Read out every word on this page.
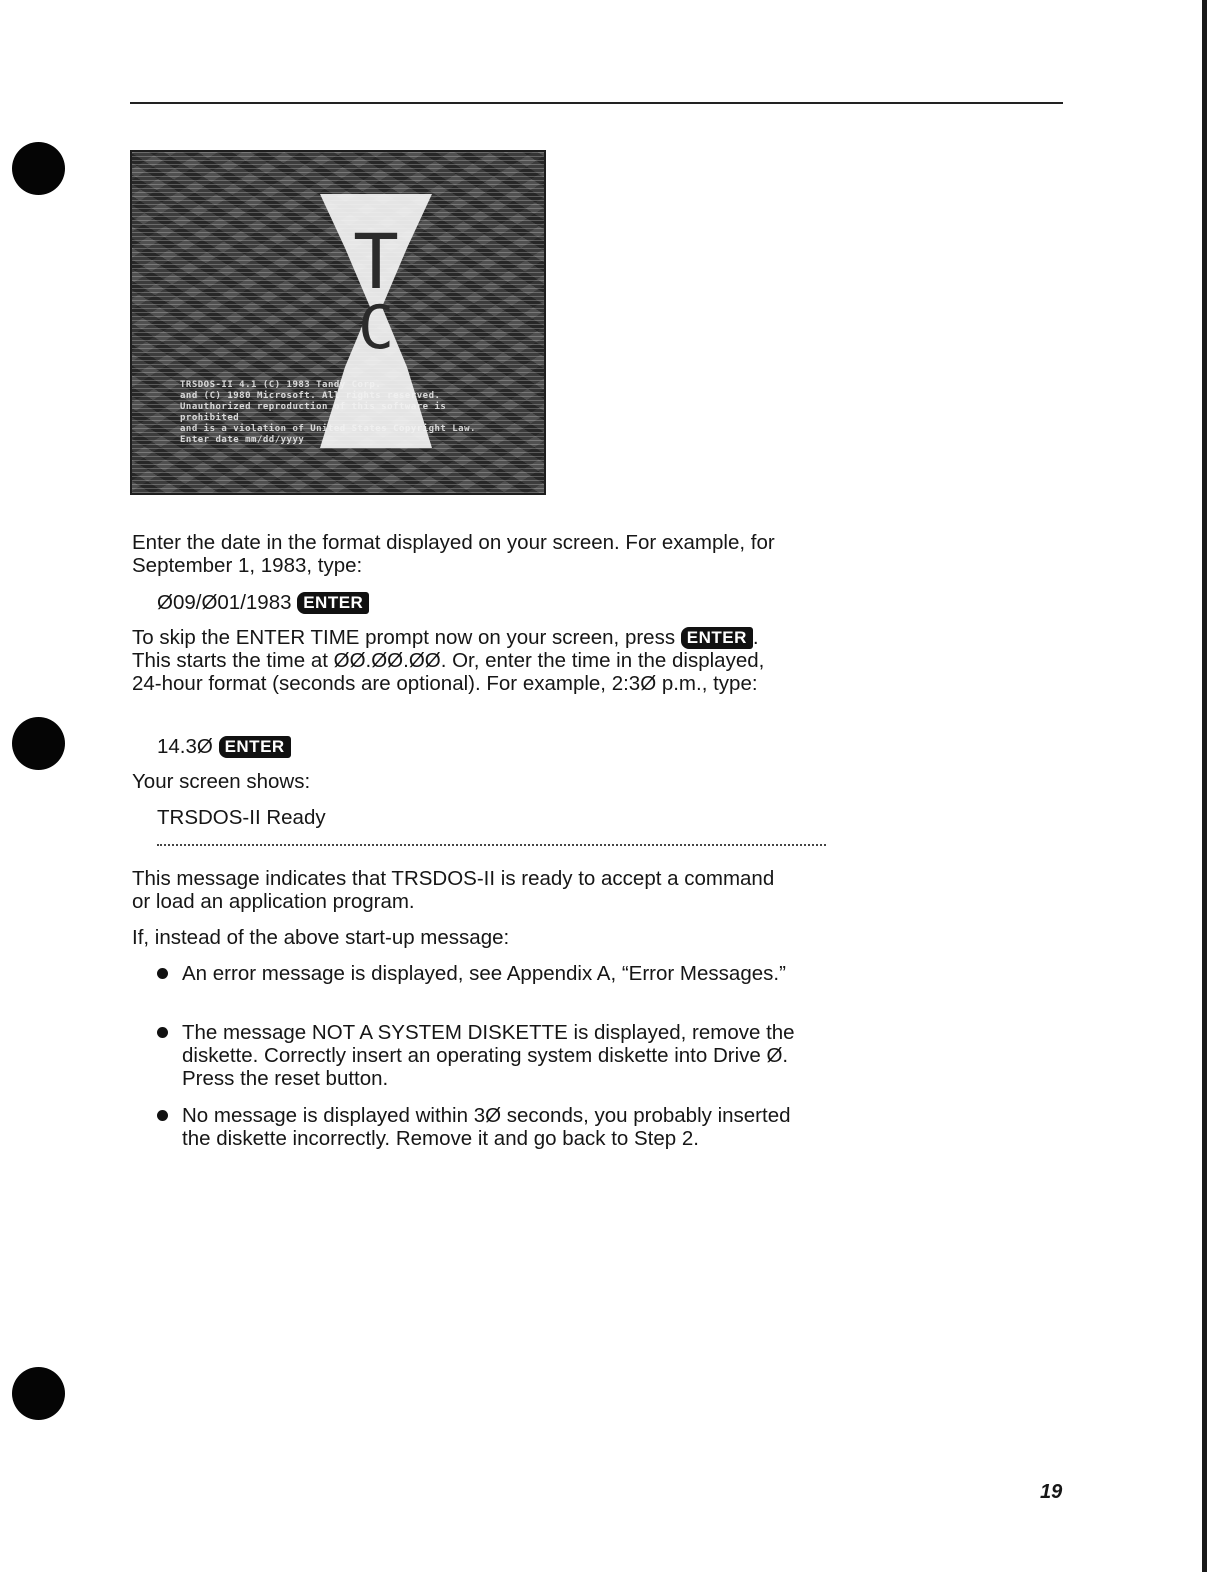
T
C
TRSDOS-II 4.1 (C) 1983 Tandy Corp.
and (C) 1980 Microsoft. All rights reserved.
Unauthorized reproduction of this software is prohibited
and is a violation of United States Copyright Law.
Enter date mm/dd/yyyy

Enter the date in the format displayed on your screen. For example, for September 1, 1983, type:

Ø09/Ø01/1983 ENTER

To skip the ENTER TIME prompt now on your screen, press ENTER . This starts the time at ØØ.ØØ.ØØ. Or, enter the time in the displayed, 24-hour format (seconds are optional). For example, 2:3Ø p.m., type:

14.3Ø ENTER

Your screen shows:

TRSDOS-II Ready

This message indicates that TRSDOS-II is ready to accept a command or load an application program.

If, instead of the above start-up message:

An error message is displayed, see Appendix A, “Error Messages.”
The message NOT A SYSTEM DISKETTE is displayed, remove the diskette. Correctly insert an operating system diskette into Drive Ø. Press the reset button.
No message is displayed within 3Ø seconds, you probably inserted the diskette incorrectly. Remove it and go back to Step 2.
19
